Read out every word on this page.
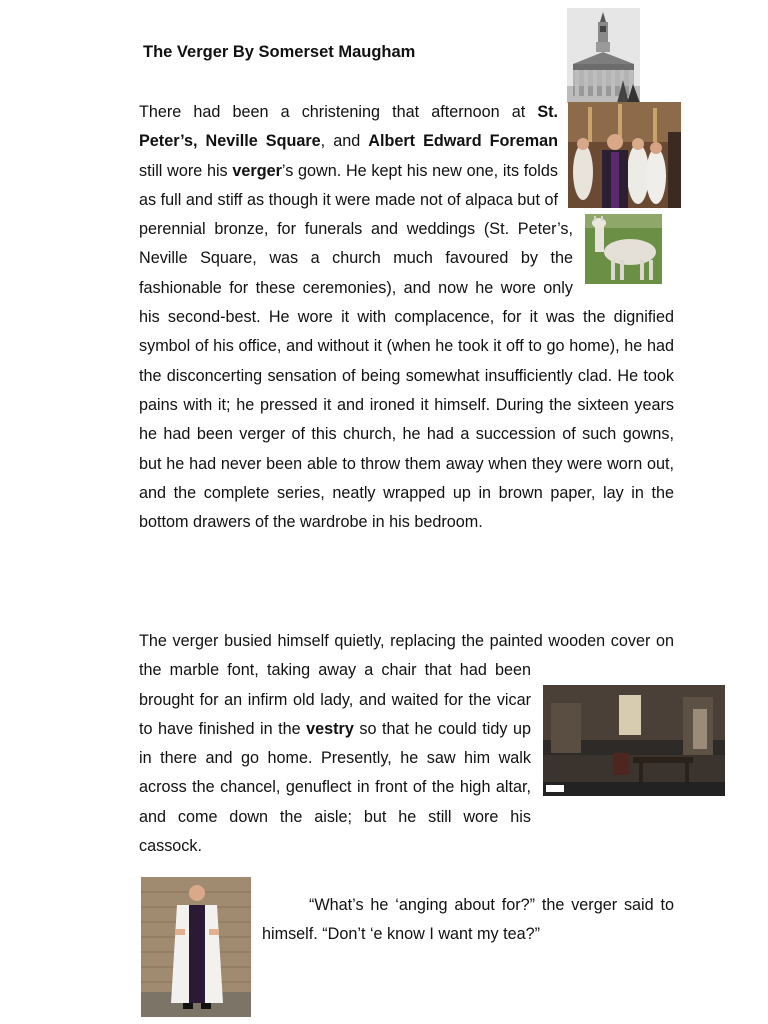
The Verger By Somerset Maugham
There had been a christening that afternoon at St. Peter’s, Neville Square, and Albert Edward Foreman still wore his verger’s gown. He kept his new one, its folds as full and stiff as though it were made not of alpaca but of perennial bronze, for funerals and weddings (St. Peter’s, Neville Square, was a church much favoured by the fashionable for these ceremonies), and now he wore only his second-best. He wore it with complacence, for it was the dignified symbol of his office, and without it (when he took it off to go home), he had the disconcerting sensation of being somewhat insufficiently clad. He took pains with it; he pressed it and ironed it himself. During the sixteen years he had been verger of this church, he had a succession of such gowns, but he had never been able to throw them away when they were worn out, and the complete series, neatly wrapped up in brown paper, lay in the bottom drawers of the wardrobe in his bedroom.
The verger busied himself quietly, replacing the painted wooden cover on the marble font, taking away a chair that had been brought for an infirm old lady, and waited for the vicar to have finished in the vestry so that he could tidy up in there and go home. Presently, he saw him walk across the chancel, genuflect in front of the high altar, and come down the aisle; but he still wore his cassock.
“What’s he ‘anging about for?” the verger said to himself. “Don’t ‘e know I want my tea?”
